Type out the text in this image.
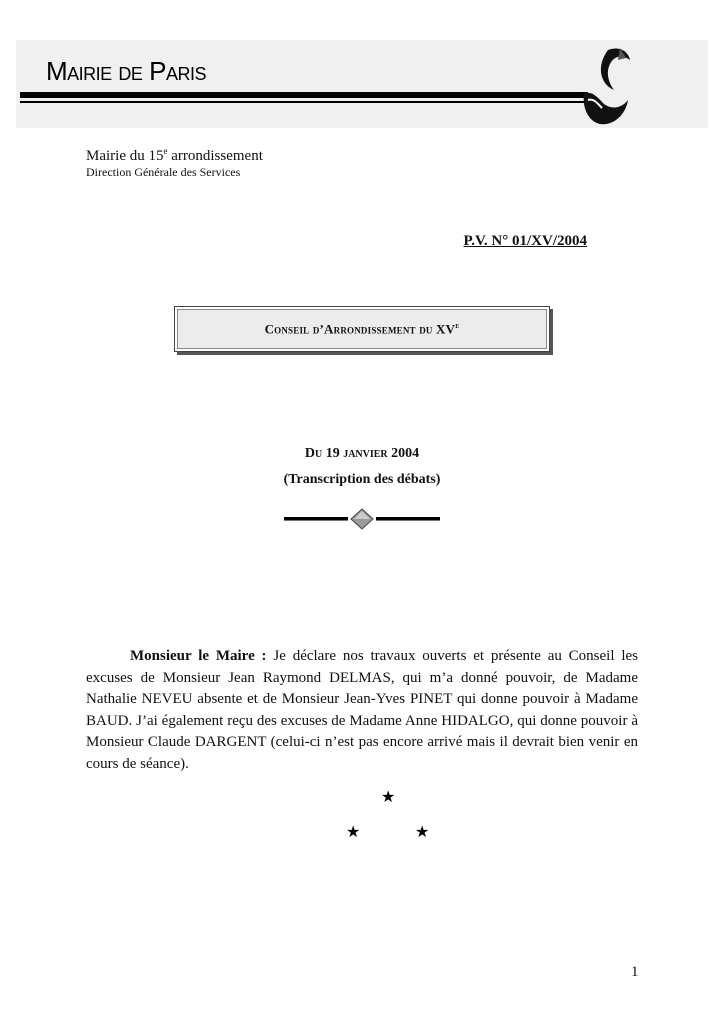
Mairie de Paris
Mairie du 15e arrondissement
Direction Générale des Services
P.V. N° 01/XV/2004
Conseil d’Arrondissement du XVe
Du 19 janvier 2004
(Transcription des débats)
Monsieur le Maire : Je déclare nos travaux ouverts et présente au Conseil les excuses de Monsieur Jean Raymond DELMAS, qui m’a donné pouvoir, de Madame Nathalie NEVEU absente et de Monsieur Jean-Yves PINET qui donne pouvoir à Madame BAUD. J’ai également reçu des excuses de Madame Anne HIDALGO, qui donne pouvoir à Monsieur Claude DARGENT (celui-ci n’est pas encore arrivé mais il devrait bien venir en cours de séance).
★
★	★
1
